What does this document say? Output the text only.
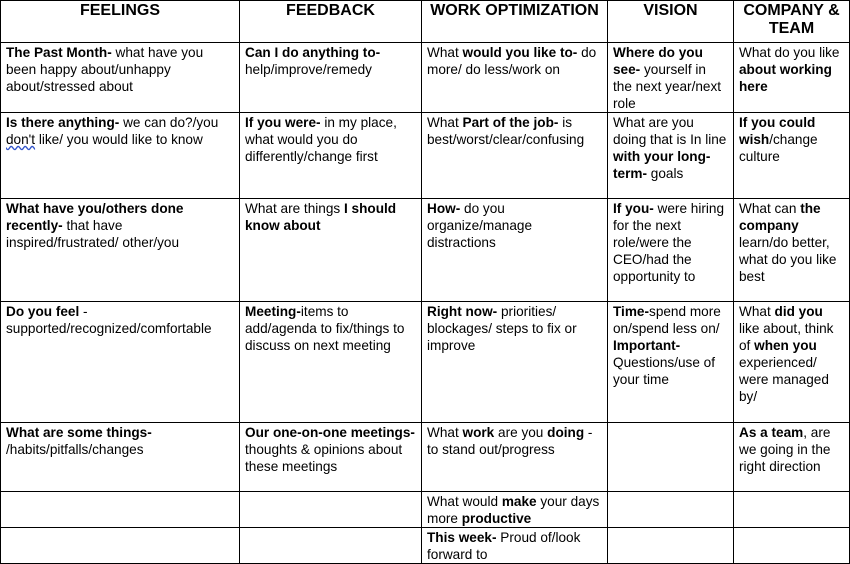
FEELINGS	FEEDBACK	WORK OPTIMIZATION	VISION	COMPANY & TEAM
The Past Month- what have you been happy about/unhappy about/stressed about	Can I do anything to- help/improve/remedy	What would you like to- do more/ do less/work on	Where do you see- yourself in the next year/next role	What do you like about working here
Is there anything- we can do?/you don't like/ you would like to know	If you were- in my place, what would you do differently/change first	What Part of the job- is best/worst/clear/confusing	What are you doing that is In line with your long-term- goals	If you could wish/change culture
What have you/others done recently- that have inspired/frustrated/ other/you	What are things I should know about	How- do you organize/manage distractions	If you- were hiring for the next role/were the CEO/had the opportunity to	What can the company learn/do better, what do you like best
Do you feel - supported/recognized/comfortable	Meeting-items to add/agenda to fix/things to discuss on next meeting	Right now- priorities/ blockages/ steps to fix or improve	Time-spend more on/spend less on/ Important- Questions/use of your time	What did you like about, think of when you experienced/ were managed by/
What are some things- /habits/pitfalls/changes	Our one-on-one meetings- thoughts & opinions about these meetings	What work are you doing -to stand out/progress		As a team, are we going in the right direction
		What would make your days more productive		
		This week- Proud of/look forward to		
